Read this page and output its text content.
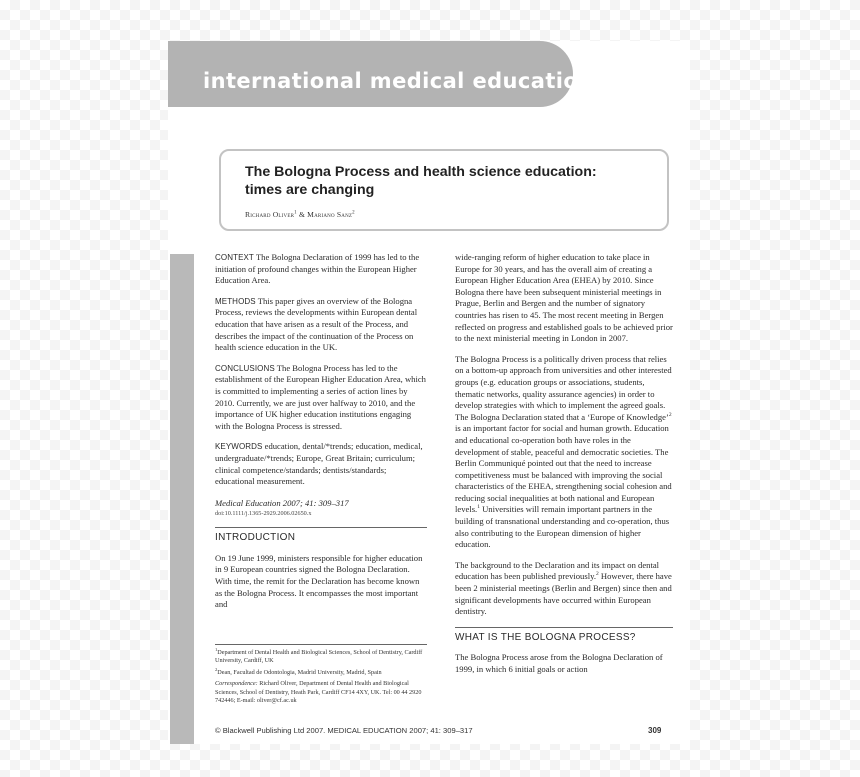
international medical education
The Bologna Process and health science education:
times are changing
Richard Oliver$^1$ & Mariano Sanz$^2$

CONTEXT The Bologna Declaration of 1999 has led to the initiation of profound changes within the European Higher Education Area.

METHODS This paper gives an overview of the Bologna Process, reviews the developments within European dental education that have arisen as a result of the Process, and describes the impact of the continuation of the Process on health science education in the UK.

CONCLUSIONS The Bologna Process has led to the establishment of the European Higher Education Area, which is committed to implementing a series of action lines by 2010. Currently, we are just over halfway to 2010, and the importance of UK higher education institutions engaging with the Bologna Process is stressed.

KEYWORDS education, dental/*trends; education, medical, undergraduate/*trends; Europe, Great Britain; curriculum; clinical competence/standards; dentists/standards; educational measurement.

Medical Education 2007; 41: 309–317

doi:10.1111/j.1365-2929.2006.02650.x

INTRODUCTION

On 19 June 1999, ministers responsible for higher education in 9 European countries signed the Bologna Declaration. With time, the remit for the Declaration has become known as the Bologna Process. It encompasses the most important and

$^1$Department of Dental Health and Biological Sciences, School of Dentistry, Cardiff University, Cardiff, UK

$^2$Dean, Facultad de Odontologia, Madrid University, Madrid, Spain

Correspondence: Richard Oliver, Department of Dental Health and Biological Sciences, School of Dentistry, Heath Park, Cardiff CF14 4XY, UK. Tel: 00 44 2920 742446; E-mail: oliver@cf.ac.uk

wide-ranging reform of higher education to take place in Europe for 30 years, and has the overall aim of creating a European Higher Education Area (EHEA) by 2010. Since Bologna there have been subsequent ministerial meetings in Prague, Berlin and Bergen and the number of signatory countries has risen to 45. The most recent meeting in Bergen reflected on progress and established goals to be achieved prior to the next ministerial meeting in London in 2007.

The Bologna Process is a politically driven process that relies on a bottom-up approach from universities and other interested groups (e.g. education groups or associations, students, thematic networks, quality assurance agencies) in order to develop strategies with which to implement the agreed goals. The Bologna Declaration stated that a ‘Europe of Knowledge’$^2$ is an important factor for social and human growth. Education and educational co-operation both have roles in the development of stable, peaceful and democratic societies. The Berlin Communiqué pointed out that the need to increase competitiveness must be balanced with improving the social characteristics of the EHEA, strengthening social cohesion and reducing social inequalities at both national and European levels.$^1$ Universities will remain important partners in the building of transnational understanding and co-operation, thus also contributing to the European dimension of higher education.

The background to the Declaration and its impact on dental education has been published previously.$^2$ However, there have been 2 ministerial meetings (Berlin and Bergen) since then and significant developments have occurred within European dentistry.

WHAT IS THE BOLOGNA PROCESS?

The Bologna Process arose from the Bologna Declaration of 1999, in which 6 initial goals or action

© Blackwell Publishing Ltd 2007. MEDICAL EDUCATION 2007; 41: 309–317	309
